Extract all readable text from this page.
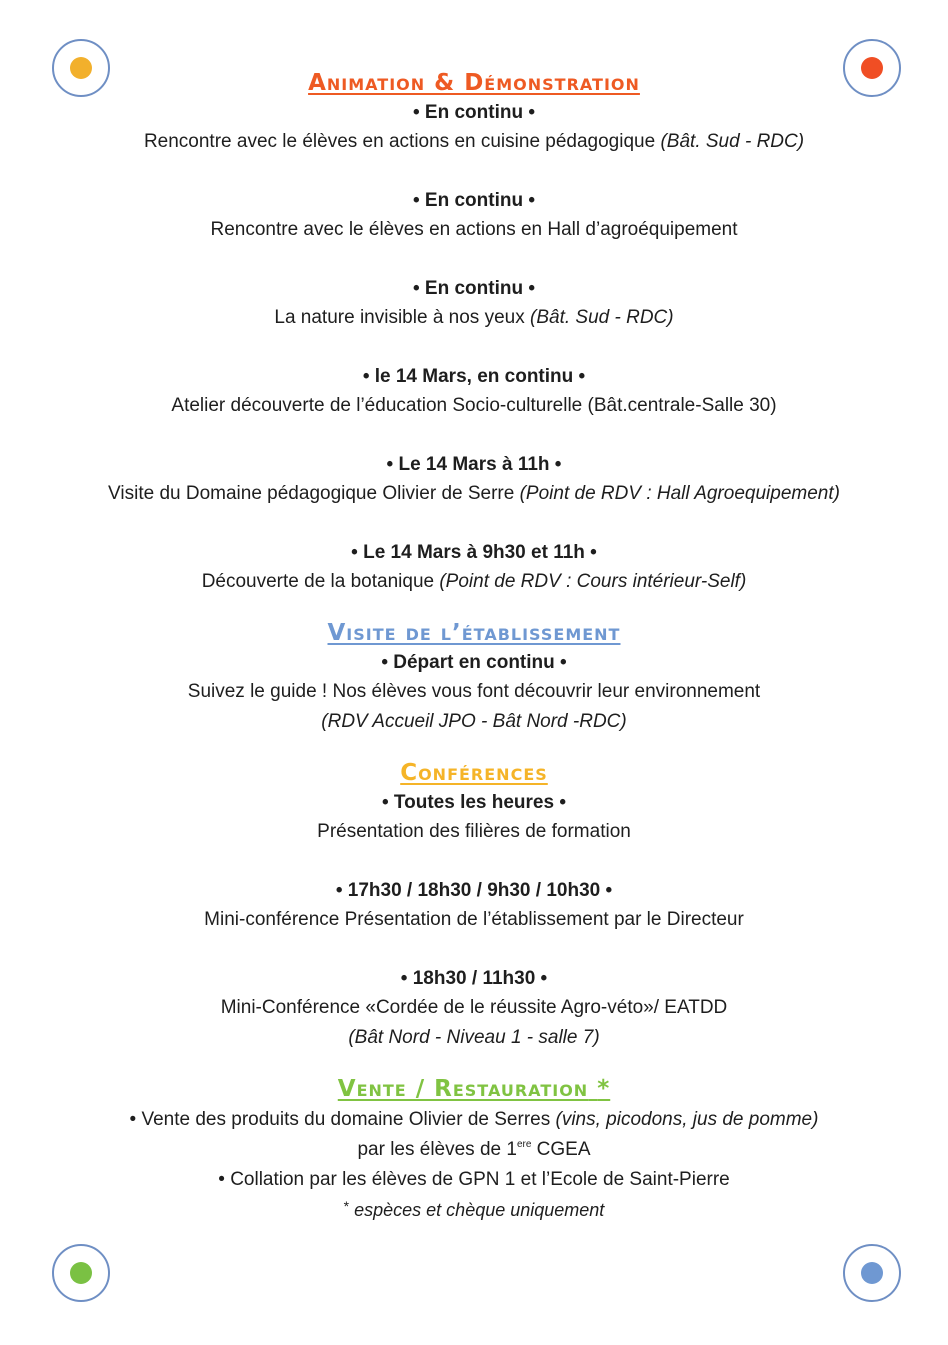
Animation & Démonstration

• En continu •

Rencontre avec le élèves en actions en cuisine pédagogique (Bât. Sud - RDC)

• En continu •

Rencontre avec le élèves en actions en Hall d’agroéquipement

• En continu •

La nature invisible à nos yeux (Bât. Sud - RDC)

• le 14 Mars, en continu •

Atelier découverte de l’éducation Socio-culturelle (Bât.centrale-Salle 30)

• Le 14 Mars à 11h •

Visite du Domaine pédagogique Olivier de Serre (Point de RDV : Hall Agroequipement)

• Le 14 Mars à 9h30 et 11h •

Découverte de la botanique (Point de RDV : Cours intérieur-Self)

Visite de l’établissement

• Départ en continu •

Suivez le guide ! Nos élèves vous font découvrir leur environnement

(RDV Accueil JPO - Bât Nord -RDC)

Conférences

• Toutes les heures •

Présentation des filières de formation

• 17h30 / 18h30 / 9h30 / 10h30 •

Mini-conférence Présentation de l’établissement par le Directeur

• 18h30 / 11h30 •

Mini-Conférence «Cordée de le réussite Agro-véto»/ EATDD

(Bât Nord - Niveau 1 - salle 7)

Vente / Restauration *

• Vente des produits du domaine Olivier de Serres (vins, picodons, jus de pomme)

par les élèves de 1ere CGEA

• Collation par les élèves de GPN 1 et l’Ecole de Saint-Pierre

* espèces et chèque uniquement
